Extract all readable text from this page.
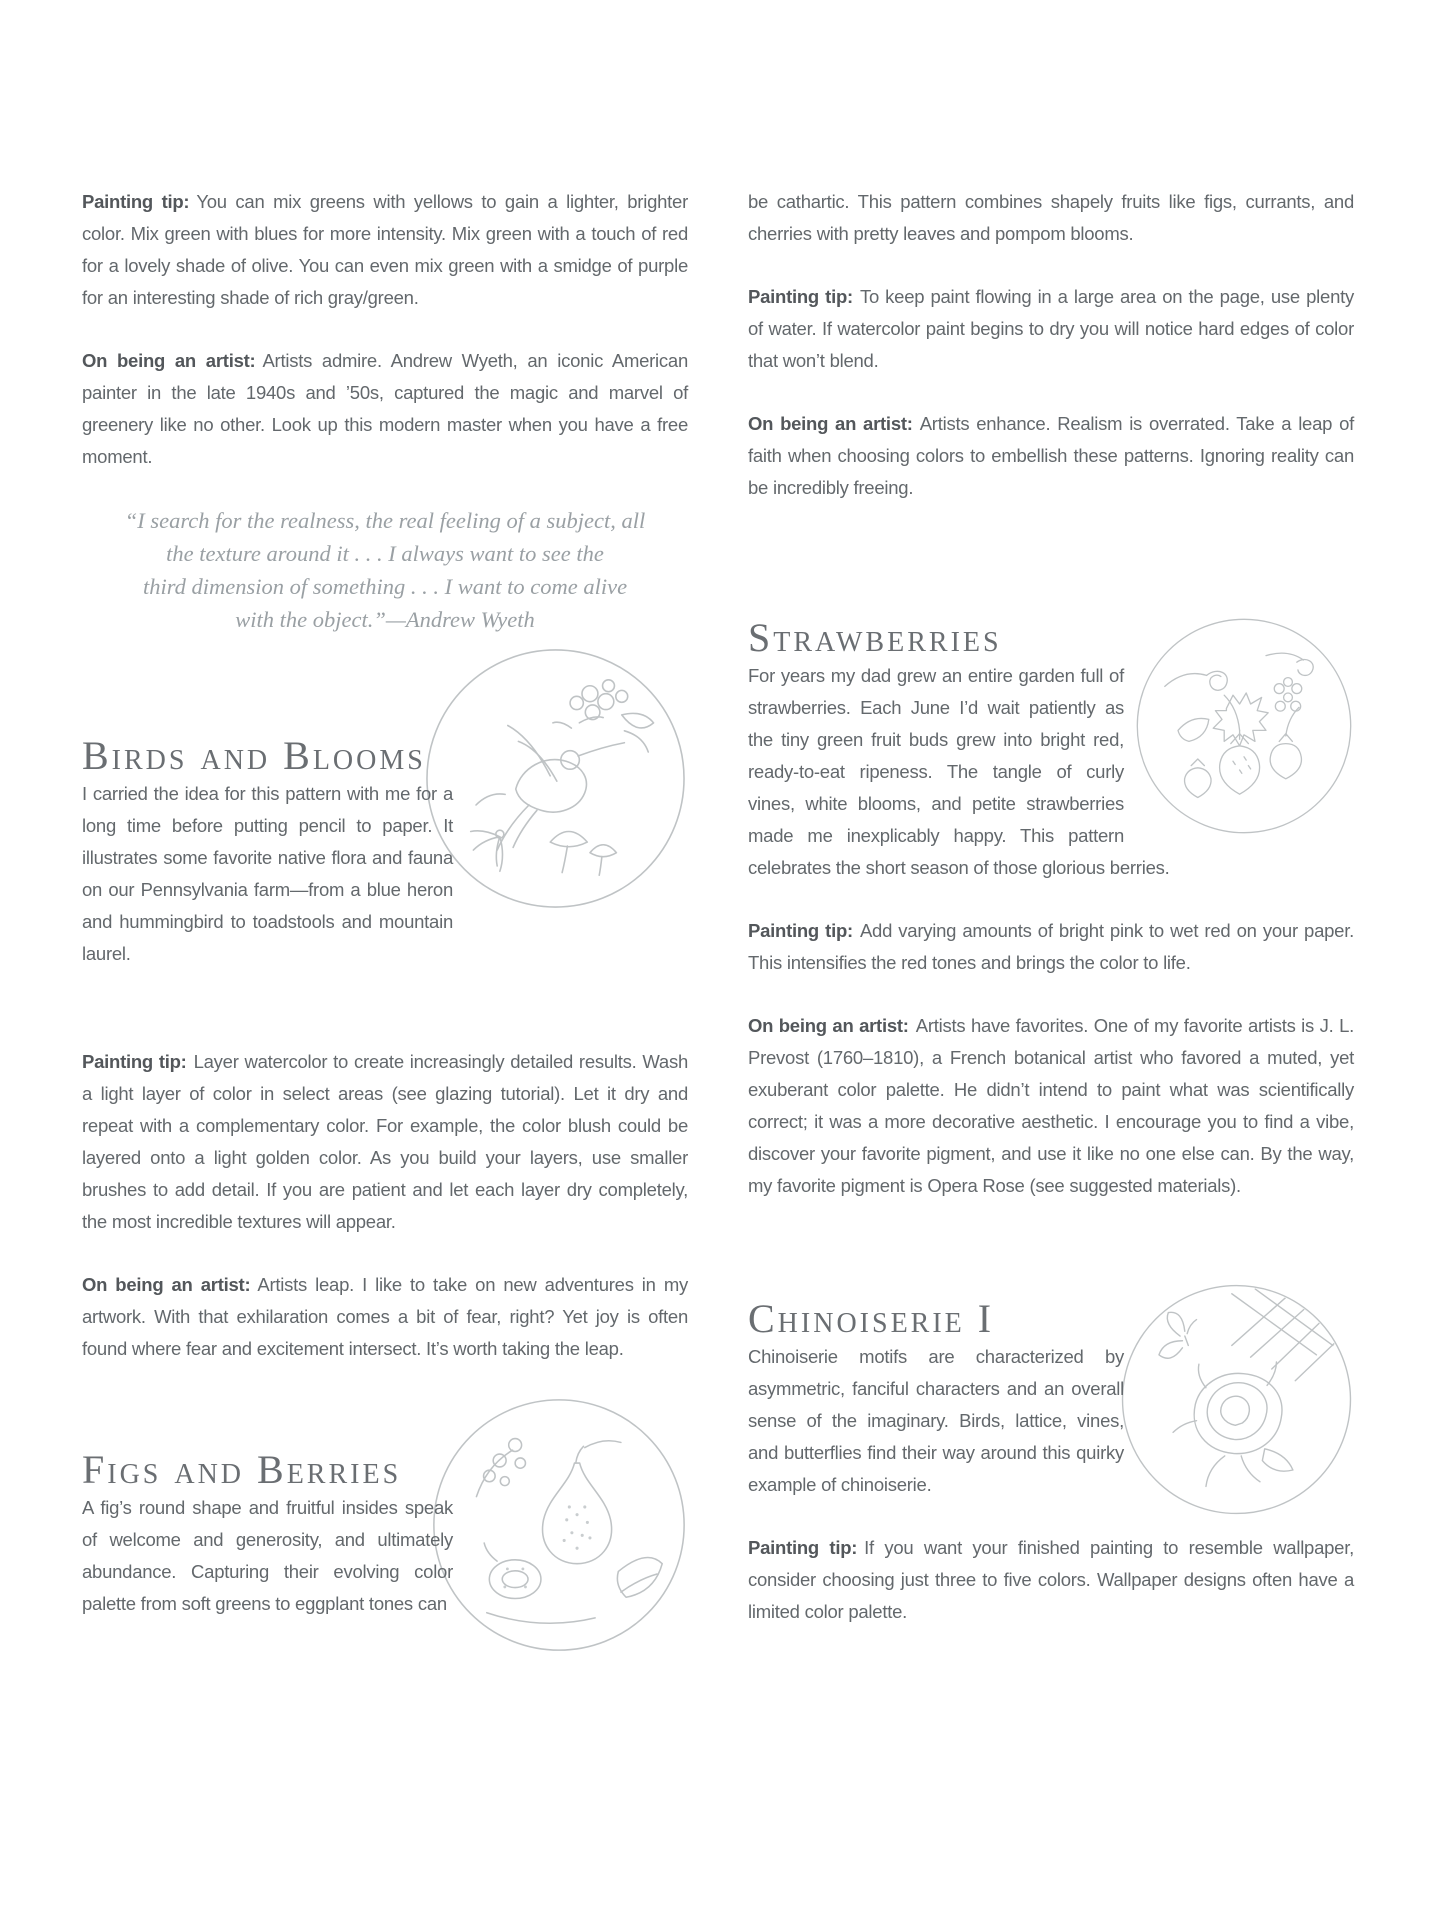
Painting tip: You can mix greens with yellows to gain a lighter, brighter color. Mix green with blues for more intensity. Mix green with a touch of red for a lovely shade of olive. You can even mix green with a smidge of purple for an interesting shade of rich gray/green.

On being an artist: Artists admire. Andrew Wyeth, an iconic American painter in the late 1940s and ’50s, captured the magic and marvel of greenery like no other. Look up this modern master when you have a free moment.

“I search for the realness, the real feeling of a subject, all
the texture around it . . . I always want to see the
third dimension of something . . . I want to come alive
with the object.”—Andrew Wyeth
Birds and Blooms

I carried the idea for this pattern with me for a long time before putting pencil to paper. It illustrates some favorite native flora and fauna on our Pennsylvania farm—from a blue heron and hummingbird to toadstools and mountain laurel.

Painting tip: Layer watercolor to create increasingly detailed results. Wash a light layer of color in select areas (see glazing tutorial). Let it dry and repeat with a complementary color. For example, the color blush could be layered onto a light golden color. As you build your layers, use smaller brushes to add detail. If you are patient and let each layer dry completely, the most incredible textures will appear.

On being an artist: Artists leap. I like to take on new adventures in my artwork. With that exhilaration comes a bit of fear, right? Yet joy is often found where fear and excitement intersect. It’s worth taking the leap.

Figs and Berries

A fig’s round shape and fruitful insides speak of welcome and generosity, and ultimately abundance. Capturing their evolving color palette from soft greens to eggplant tones can

be cathartic. This pattern combines shapely fruits like figs, currants, and cherries with pretty leaves and pompom blooms.

Painting tip: To keep paint flowing in a large area on the page, use plenty of water. If watercolor paint begins to dry you will notice hard edges of color that won’t blend.

On being an artist: Artists enhance. Realism is overrated. Take a leap of faith when choosing colors to embellish these patterns. Ignoring reality can be incredibly freeing.

Strawberries

For years my dad grew an entire garden full of strawberries. Each June I’d wait patiently as the tiny green fruit buds grew into bright red, ready-to-eat ripeness. The tangle of curly vines, white blooms, and petite strawberries made me inexplicably happy. This pattern celebrates the short season of those glorious berries.

Painting tip: Add varying amounts of bright pink to wet red on your paper. This intensifies the red tones and brings the color to life.

On being an artist: Artists have favorites. One of my favorite artists is J. L. Prevost (1760–1810), a French botanical artist who favored a muted, yet exuberant color palette. He didn’t intend to paint what was scientifically correct; it was a more decorative aesthetic. I encourage you to find a vibe, discover your favorite pigment, and use it like no one else can. By the way, my favorite pigment is Opera Rose (see suggested materials).

Chinoiserie I

Chinoiserie motifs are characterized by asymmetric, fanciful characters and an overall sense of the imaginary. Birds, lattice, vines, and butterflies find their way around this quirky example of chinoiserie.

Painting tip: If you want your finished painting to resemble wallpaper, consider choosing just three to five colors. Wallpaper designs often have a limited color palette.
